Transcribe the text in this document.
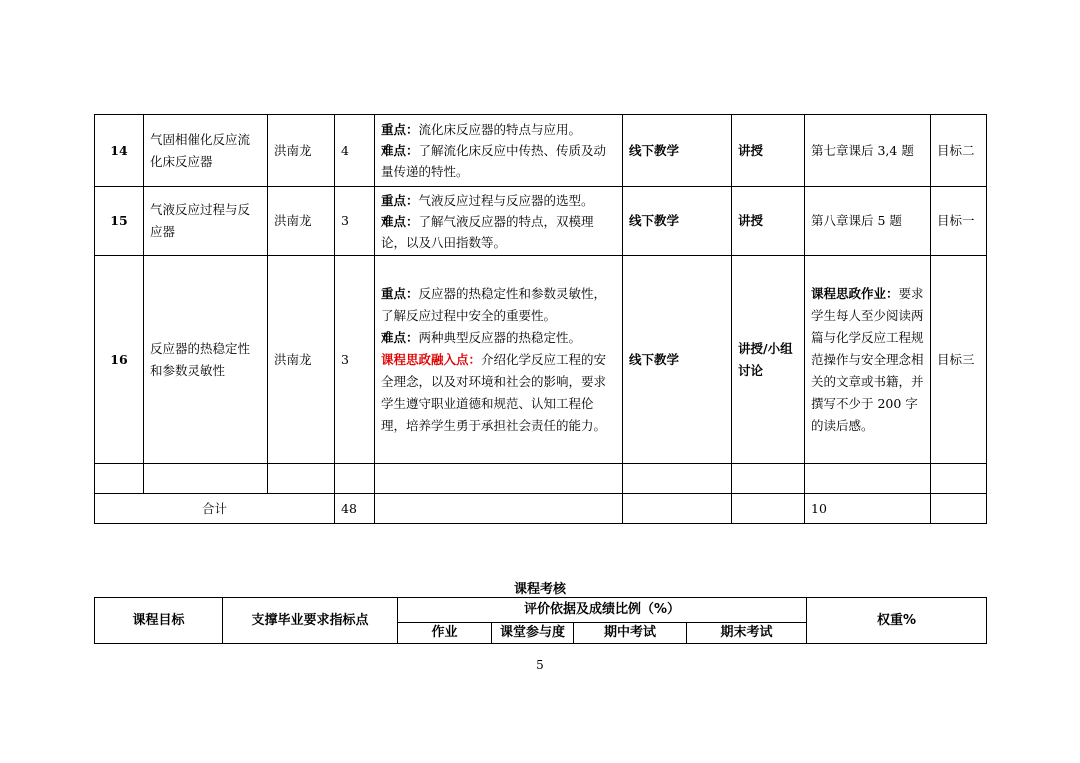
14	气固相催化反应流化床反应器	洪南龙	4	重点：流化床反应器的特点与应用。
难点：了解流化床反应中传热、传质及动量传递的特性。	线下教学	讲授	第七章课后 3,4 题	目标二
15	气液反应过程与反应器	洪南龙	3	重点：气液反应过程与反应器的选型。
难点：了解气液反应器的特点，双模理论，以及八田指数等。	线下教学	讲授	第八章课后 5 题	目标一
16	反应器的热稳定性和参数灵敏性	洪南龙	3	重点：反应器的热稳定性和参数灵敏性，了解反应过程中安全的重要性。
难点：两种典型反应器的热稳定性。
课程思政融入点：介绍化学反应工程的安全理念，以及对环境和社会的影响，要求学生遵守职业道德和规范、认知工程伦理，培养学生勇于承担社会责任的能力。	线下教学	讲授/小组讨论	课程思政作业：要求学生每人至少阅读两篇与化学反应工程规范操作与安全理念相关的文章或书籍，并撰写不少于 200 字的读后感。	目标三

合计			48				10	
课程考核
课程目标	支撑毕业要求指标点	评价依据及成绩比例（%）				权重%
		作业	课堂参与度	期中考试	期末考试	
5
